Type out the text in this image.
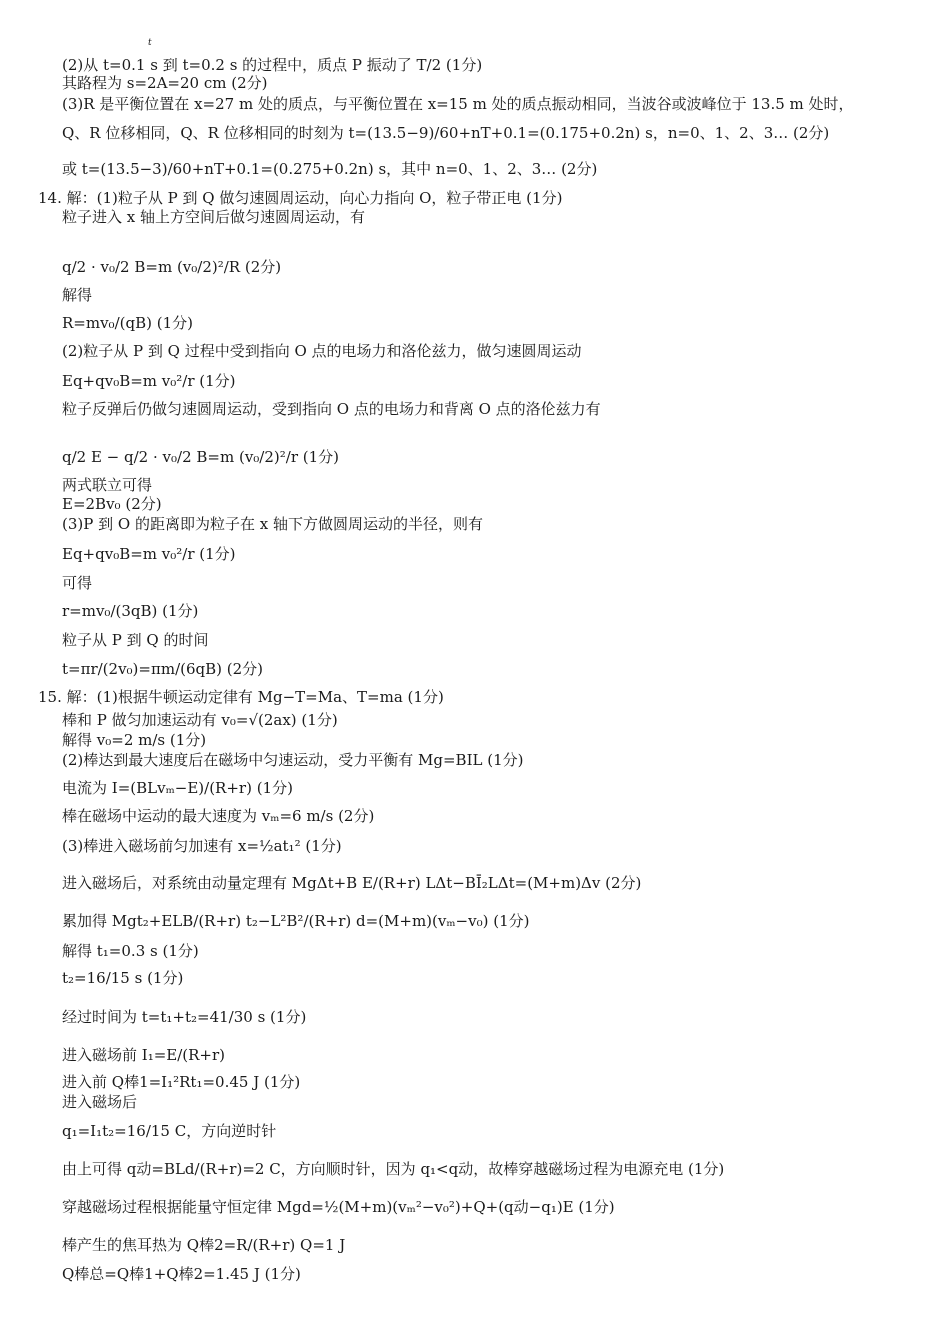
t
(2)从 t=0.1 s 到 t=0.2 s 的过程中，质点 P 振动了 T/2 (1分)
其路程为 s=2A=20 cm (2分)
(3)R 是平衡位置在 x=27 m 处的质点，与平衡位置在 x=15 m 处的质点振动相同，当波谷或波峰位于 13.5 m 处时，
Q、R 位移相同，Q、R 位移相同的时刻为 t=(13.5−9)/60+nT+0.1=(0.175+0.2n) s，n=0、1、2、3… (2分)
或 t=(13.5−3)/60+nT+0.1=(0.275+0.2n) s，其中 n=0、1、2、3… (2分)
14. 解：(1)粒子从 P 到 Q 做匀速圆周运动，向心力指向 O，粒子带正电 (1分)
粒子进入 x 轴上方空间后做匀速圆周运动，有
q/2 · v₀/2 B=m (v₀/2)²/R (2分)
解得
R=mv₀/(qB) (1分)
(2)粒子从 P 到 Q 过程中受到指向 O 点的电场力和洛伦兹力，做匀速圆周运动
Eq+qv₀B=m v₀²/r (1分)
粒子反弹后仍做匀速圆周运动，受到指向 O 点的电场力和背离 O 点的洛伦兹力有
q/2 E − q/2 · v₀/2 B=m (v₀/2)²/r (1分)
两式联立可得
E=2Bv₀ (2分)
(3)P 到 O 的距离即为粒子在 x 轴下方做圆周运动的半径，则有
Eq+qv₀B=m v₀²/r (1分)
可得
r=mv₀/(3qB) (1分)
粒子从 P 到 Q 的时间
t=πr/(2v₀)=πm/(6qB) (2分)
15. 解：(1)根据牛顿运动定律有 Mg−T=Ma、T=ma (1分)
棒和 P 做匀加速运动有 v₀=√(2ax) (1分)
解得 v₀=2 m/s (1分)
(2)棒达到最大速度后在磁场中匀速运动，受力平衡有 Mg=BIL (1分)
电流为 I=(BLvₘ−E)/(R+r) (1分)
棒在磁场中运动的最大速度为 vₘ=6 m/s (2分)
(3)棒进入磁场前匀加速有 x=½at₁² (1分)
进入磁场后，对系统由动量定理有 MgΔt+B E/(R+r) LΔt−BĪ₂LΔt=(M+m)Δv (2分)
累加得 Mgt₂+ELB/(R+r) t₂−L²B²/(R+r) d=(M+m)(vₘ−v₀) (1分)
解得 t₁=0.3 s (1分)
t₂=16/15 s (1分)
经过时间为 t=t₁+t₂=41/30 s (1分)
进入磁场前 I₁=E/(R+r)
进入前 Q棒1=I₁²Rt₁=0.45 J (1分)
进入磁场后
q₁=I₁t₂=16/15 C，方向逆时针
由上可得 q动=BLd/(R+r)=2 C，方向顺时针，因为 q₁<q动，故棒穿越磁场过程为电源充电 (1分)
穿越磁场过程根据能量守恒定律 Mgd=½(M+m)(vₘ²−v₀²)+Q+(q动−q₁)E (1分)
棒产生的焦耳热为 Q棒2=R/(R+r) Q=1 J
Q棒总=Q棒1+Q棒2=1.45 J (1分)
